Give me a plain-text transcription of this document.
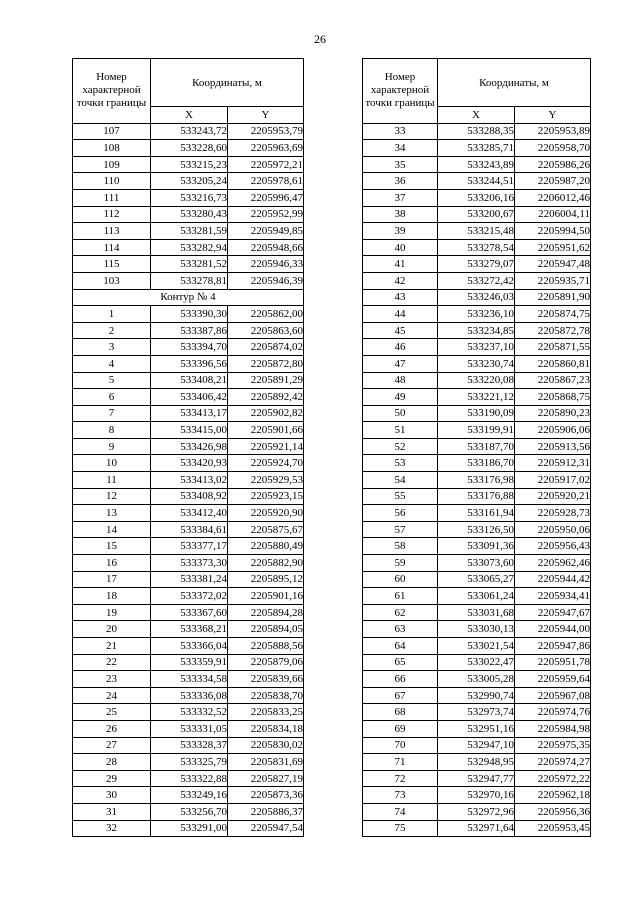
26
Номер характерной точки границы	Координаты, м	
	X	Y
107	533243,72	2205953,79
108	533228,60	2205963,69
109	533215,23	2205972,21
110	533205,24	2205978,61
111	533216,73	2205996,47
112	533280,43	2205952,99
113	533281,59	2205949,85
114	533282,94	2205948,66
115	533281,52	2205946,33
103	533278,81	2205946,39
Контур № 4		
1	533390,30	2205862,00
2	533387,86	2205863,60
3	533394,70	2205874,02
4	533396,56	2205872,80
5	533408,21	2205891,29
6	533406,42	2205892,42
7	533413,17	2205902,82
8	533415,00	2205901,66
9	533426,98	2205921,14
10	533420,93	2205924,70
11	533413,02	2205929,53
12	533408,92	2205923,15
13	533412,40	2205920,90
14	533384,61	2205875,67
15	533377,17	2205880,49
16	533373,30	2205882,90
17	533381,24	2205895,12
18	533372,02	2205901,16
19	533367,60	2205894,28
20	533368,21	2205894,05
21	533366,04	2205888,56
22	533359,91	2205879,06
23	533334,58	2205839,66
24	533336,08	2205838,70
25	533332,52	2205833,25
26	533331,05	2205834,18
27	533328,37	2205830,02
28	533325,79	2205831,69
29	533322,88	2205827,19
30	533249,16	2205873,36
31	533256,70	2205886,37
32	533291,00	2205947,54
Номер характерной точки границы	Координаты, м	
	X	Y
33	533288,35	2205953,89
34	533285,71	2205958,70
35	533243,89	2205986,26
36	533244,51	2205987,20
37	533206,16	2206012,46
38	533200,67	2206004,11
39	533215,48	2205994,50
40	533278,54	2205951,62
41	533279,07	2205947,48
42	533272,42	2205935,71
43	533246,03	2205891,90
44	533236,10	2205874,75
45	533234,85	2205872,78
46	533237,10	2205871,55
47	533230,74	2205860,81
48	533220,08	2205867,23
49	533221,12	2205868,75
50	533190,09	2205890,23
51	533199,91	2205906,06
52	533187,70	2205913,56
53	533186,70	2205912,31
54	533176,98	2205917,02
55	533176,88	2205920,21
56	533161,94	2205928,73
57	533126,50	2205950,06
58	533091,36	2205956,43
59	533073,60	2205962,46
60	533065,27	2205944,42
61	533061,24	2205934,41
62	533031,68	2205947,67
63	533030,13	2205944,00
64	533021,54	2205947,86
65	533022,47	2205951,78
66	533005,28	2205959,64
67	532990,74	2205967,08
68	532973,74	2205974,76
69	532951,16	2205984,98
70	532947,10	2205975,35
71	532948,95	2205974,27
72	532947,77	2205972,22
73	532970,16	2205962,18
74	532972,96	2205956,36
75	532971,64	2205953,45
